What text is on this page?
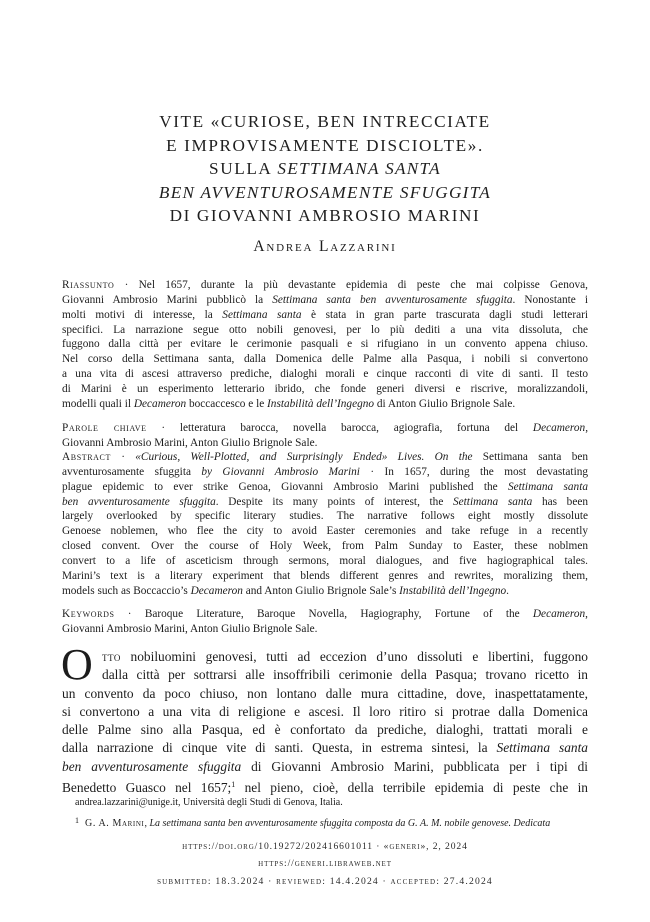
VITE «CURIOSE, BEN INTRECCIATE
E IMPROVISAMENTE DISCIOLTE».
SULLA SETTIMANA SANTA
BEN AVVENTUROSAMENTE SFUGGITA
DI GIOVANNI AMBROSIO MARINI
Andrea Lazzarini
Riassunto · Nel 1657, durante la più devastante epidemia di peste che mai colpisse Genova,
Giovanni Ambrosio Marini pubblicò la Settimana santa ben avventurosamente sfuggita. Nonostante i
molti motivi di interesse, la Settimana santa è stata in gran parte trascurata dagli studi letterari
specifici. La narrazione segue otto nobili genovesi, per lo più dediti a una vita dissoluta, che
fuggono dalla città per evitare le cerimonie pasquali e si rifugiano in un convento appena chiuso.
Nel corso della Settimana santa, dalla Domenica delle Palme alla Pasqua, i nobili si convertono
a una vita di ascesi attraverso prediche, dialoghi morali e cinque racconti di vite di santi. Il testo
di Marini è un esperimento letterario ibrido, che fonde generi diversi e riscrive, moralizzandoli,
modelli quali il Decameron boccaccesco e le Instabilità dell’Ingegno di Anton Giulio Brignole Sale.
Parole chiave · letteratura barocca, novella barocca, agiografia, fortuna del Decameron,
Giovanni Ambrosio Marini, Anton Giulio Brignole Sale.
Abstract · «Curious, Well-Plotted, and Surprisingly Ended» Lives. On the Settimana santa ben
avventurosamente sfuggita by Giovanni Ambrosio Marini · In 1657, during the most devastating
plague epidemic to ever strike Genoa, Giovanni Ambrosio Marini published the Settimana santa
ben avventurosamente sfuggita. Despite its many points of interest, the Settimana santa has been
largely overlooked by specific literary studies. The narrative follows eight mostly dissolute
Genoese noblemen, who flee the city to avoid Easter ceremonies and take refuge in a recently
closed convent. Over the course of Holy Week, from Palm Sunday to Easter, these noblmen
convert to a life of asceticism through sermons, moral dialogues, and five hagiographical tales.
Marini’s text is a literary experiment that blends different genres and rewrites, moralizing them,
models such as Boccaccio’s Decameron and Anton Giulio Brignole Sale’s Instabilità dell’Ingegno.
Keywords · Baroque Literature, Baroque Novella, Hagiography, Fortune of the Decameron,
Giovanni Ambrosio Marini, Anton Giulio Brignole Sale.
O tto nobiluomini genovesi, tutti ad eccezion d’uno dissoluti e libertini, fuggono
dalla città per sottrarsi alle insoffribili cerimonie della Pasqua; trovano ricetto in
un convento da poco chiuso, non lontano dalle mura cittadine, dove, inaspettatamente,
si convertono a una vita di religione e ascesi. Il loro ritiro si protrae dalla Domenica
delle Palme sino alla Pasqua, ed è confortato da prediche, dialoghi, trattati morali e
dalla narrazione di cinque vite di santi. Questa, in estrema sintesi, la Settimana santa
ben avventurosamente sfuggita di Giovanni Ambrosio Marini, pubblicata per i tipi di
Benedetto Guasco nel 1657;$^1$ nel pieno, cioè, della terribile epidemia di peste che in
andrea.lazzarini@unige.it, Università degli Studi di Genova, Italia.
$^1$ G. A. Marini, La settimana santa ben avventurosamente sfuggita composta da G. A. M. nobile genovese. Dedicata
https://doi.org/10.19272/202416601011 · «generi», 2, 2024
https://generi.libraweb.net
submitted: 18.3.2024 · reviewed: 14.4.2024 · accepted: 27.4.2024
